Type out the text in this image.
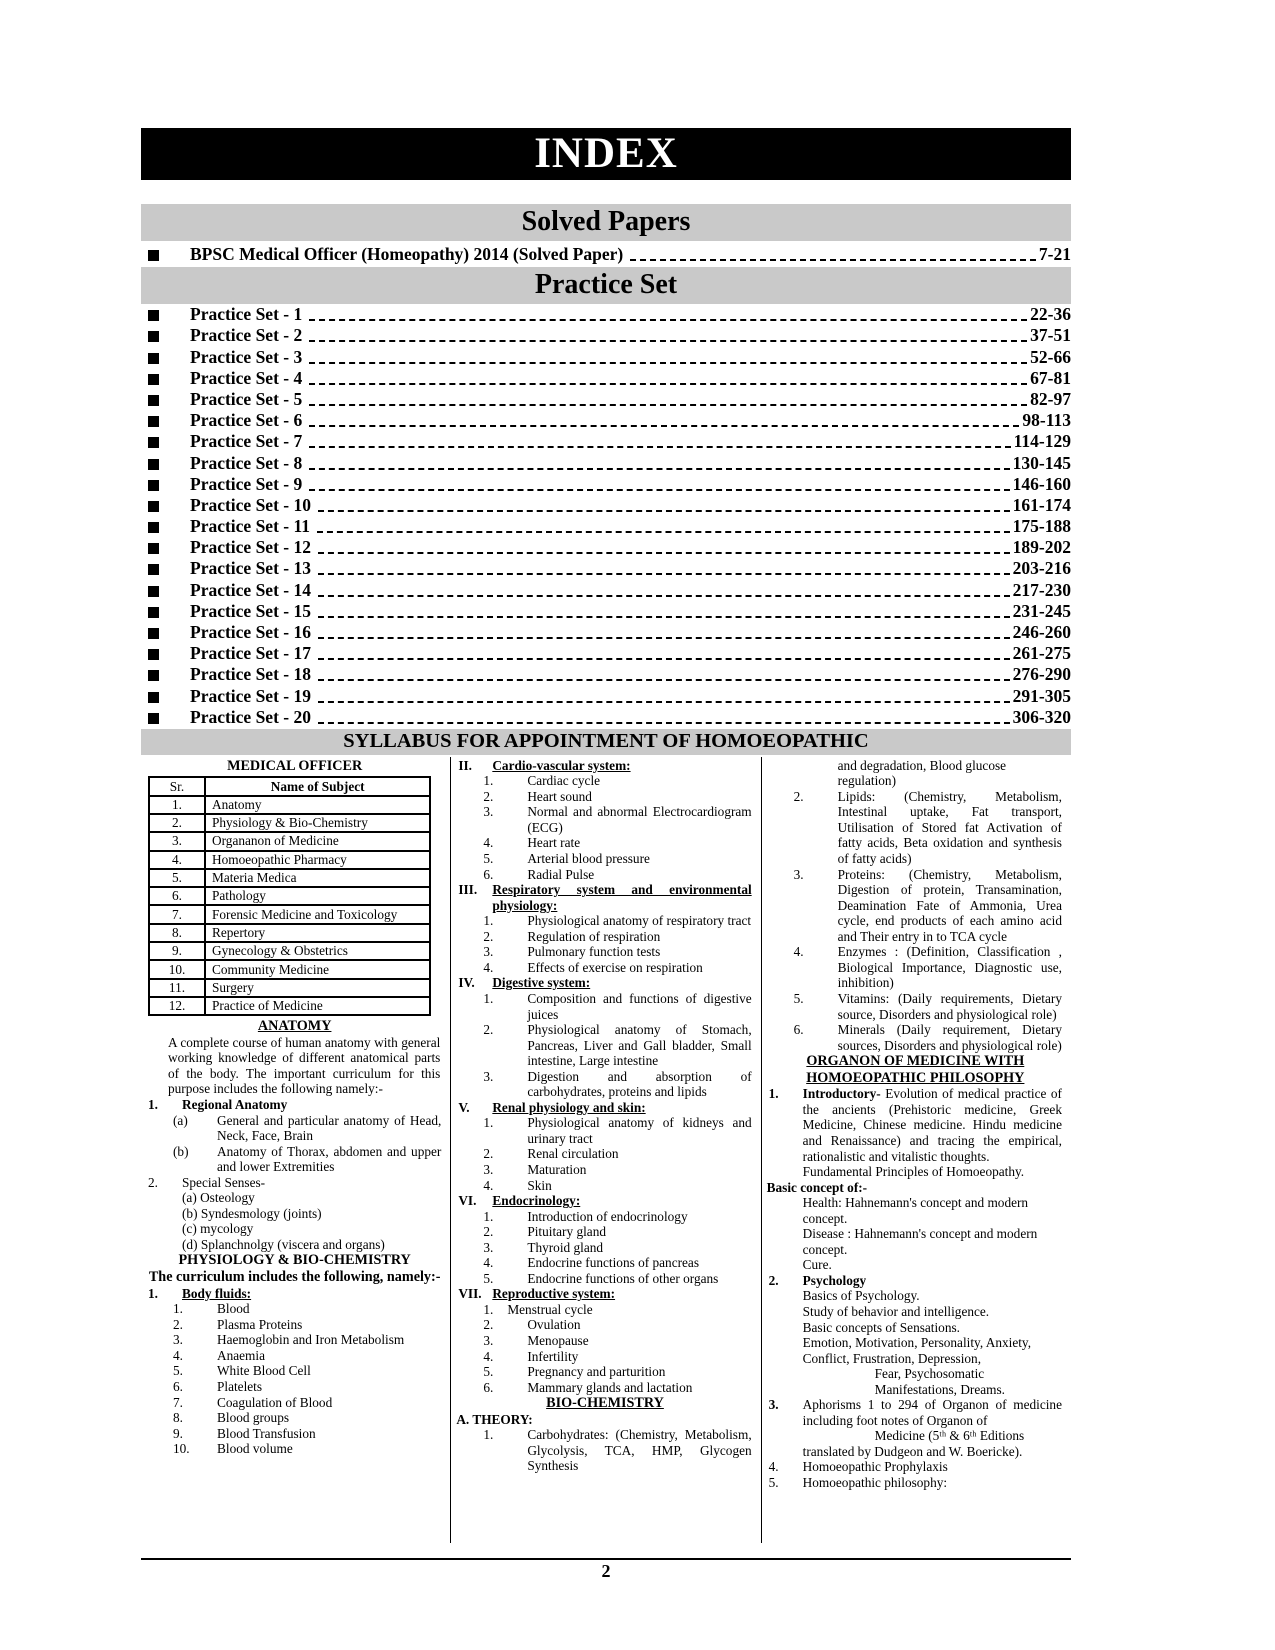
INDEX
Solved Papers
BPSC Medical Officer (Homeopathy) 2014 (Solved Paper)	7-21
Practice Set
Practice Set - 1	22-36
Practice Set - 2	37-51
Practice Set - 3	52-66
Practice Set - 4	67-81
Practice Set - 5	82-97
Practice Set - 6	98-113
Practice Set - 7	114-129
Practice Set - 8	130-145
Practice Set - 9	146-160
Practice Set - 10	161-174
Practice Set - 11	175-188
Practice Set - 12	189-202
Practice Set - 13	203-216
Practice Set - 14	217-230
Practice Set - 15	231-245
Practice Set - 16	246-260
Practice Set - 17	261-275
Practice Set - 18	276-290
Practice Set - 19	291-305
Practice Set - 20	306-320
SYLLABUS FOR APPOINTMENT OF HOMOEOPATHIC
MEDICAL OFFICER
Sr.	Name of Subject
1.	Anatomy
2.	Physiology & Bio-Chemistry
3.	Organanon of Medicine
4.	Homoeopathic Pharmacy
5.	Materia Medica
6.	Pathology
7.	Forensic Medicine and Toxicology
8.	Repertory
9.	Gynecology & Obstetrics
10.	Community Medicine
11.	Surgery
12.	Practice of Medicine
ANATOMY
A complete course of human anatomy with general working knowledge of different anatomical parts of the body. The important curriculum for this purpose includes the following namely:-
1.	Regional Anatomy
(a)	General and particular anatomy of Head, Neck, Face, Brain
(b)	Anatomy of Thorax, abdomen and upper and lower Extremities
2.	Special Senses-
(a) Osteology
(b) Syndesmology (joints)
(c) mycology
(d) Splanchnolgy (viscera and organs)
PHYSIOLOGY & BIO-CHEMISTRY
The curriculum includes the following, namely:-
1.	Body fluids:
1.	Blood
2.	Plasma Proteins
3.	Haemoglobin and Iron Metabolism
4.	Anaemia
5.	White Blood Cell
6.	Platelets
7.	Coagulation of Blood
8.	Blood groups
9.	Blood Transfusion
10.	Blood volume
II.	Cardio-vascular system:
1.	Cardiac cycle
2.	Heart sound
3.	Normal and abnormal Electrocardiogram (ECG)
4.	Heart rate
5.	Arterial blood pressure
6.	Radial Pulse
III.	Respiratory system and environmental physiology:
1.	Physiological anatomy of respiratory tract
2.	Regulation of respiration
3.	Pulmonary function tests
4.	Effects of exercise on respiration
IV.	Digestive system:
1.	Composition and functions of digestive juices
2.	Physiological anatomy of Stomach, Pancreas, Liver and Gall bladder, Small intestine, Large intestine
3.	Digestion and absorption of carbohydrates, proteins and lipids
V.	Renal physiology and skin:
1.	Physiological anatomy of kidneys and urinary tract
2.	Renal circulation
3.	Maturation
4.	Skin
VI.	Endocrinology:
1.	Introduction of endocrinology
2.	Pituitary gland
3.	Thyroid gland
4.	Endocrine functions of pancreas
5.	Endocrine functions of other organs
VII. Reproductive system:
1.	Menstrual cycle
2.	Ovulation
3.	Menopause
4.	Infertility
5.	Pregnancy and parturition
6.	Mammary glands and lactation
BIO-CHEMISTRY
A. THEORY:
1.	Carbohydrates: (Chemistry, Metabolism, Glycolysis, TCA, HMP, Glycogen Synthesis
and degradation, Blood glucose regulation)
2.	Lipids: (Chemistry, Metabolism, Intestinal uptake, Fat transport, Utilisation of Stored fat Activation of fatty acids, Beta oxidation and synthesis of fatty acids)
3.	Proteins: (Chemistry, Metabolism, Digestion of protein, Transamination, Deamination Fate of Ammonia, Urea cycle, end products of each amino acid and Their entry in to TCA cycle
4.	Enzymes : (Definition, Classification , Biological Importance, Diagnostic use, inhibition)
5.	Vitamins: (Daily requirements, Dietary source, Disorders and physiological role)
6.	Minerals (Daily requirement, Dietary sources, Disorders and physiological role)
ORGANON OF MEDICINE WITH
HOMOEOPATHIC PHILOSOPHY
1.	Introductory- Evolution of medical practice of the ancients (Prehistoric medicine, Greek Medicine, Chinese medicine. Hindu medicine and Renaissance) and tracing the empirical, rationalistic and vitalistic thoughts.
Fundamental Principles of Homoeopathy.
Basic concept of:-
Health: Hahnemann's concept and modern concept.
Disease : Hahnemann's concept and modern concept.
Cure.
2.	Psychology
Basics of Psychology.
Study of behavior and intelligence.
Basic concepts of Sensations.
Emotion, Motivation, Personality, Anxiety, Conflict, Frustration, Depression,
Fear, Psychosomatic
Manifestations, Dreams.
3.	Aphorisms 1 to 294 of Organon of medicine including foot notes of Organon of
Medicine (5ᵗʰ & 6ᵗʰ Editions
translated by Dudgeon and W. Boericke).
4.	Homoeopathic Prophylaxis
5.	Homoeopathic philosophy:
2
